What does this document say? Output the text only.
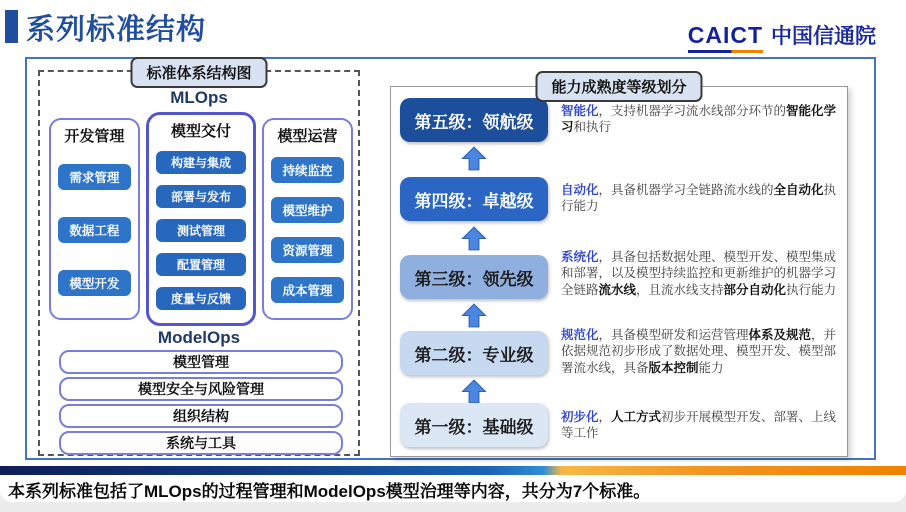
系列标准结构	CAICT 中国信通院
标准体系结构图
MLOps
开发管理
需求管理
数据工程
模型开发
模型交付
构建与集成
部署与发布
测试管理
配置管理
度量与反馈
模型运营
持续监控
模型维护
资源管理
成本管理
ModelOps
模型管理
模型安全与风险管理
组织结构
系统与工具
能力成熟度等级划分
第五级：领航级
智能化，支持机器学习流水线部分环节的智能化学习和执行
第四级：卓越级
自动化，具备机器学习全链路流水线的全自动化执行能力
第三级：领先级
系统化，具备包括数据处理、模型开发、模型集成和部署，以及模型持续监控和更新维护的机器学习全链路流水线，且流水线支持部分自动化执行能力
第二级：专业级
规范化，具备模型研发和运营管理体系及规范，并依据规范初步形成了数据处理、模型开发、模型部署流水线，具备版本控制能力
第一级：基础级
初步化，人工方式初步开展模型开发、部署、上线等工作
本系列标准包括了MLOps的过程管理和ModelOps模型治理等内容，共分为7个标准。
